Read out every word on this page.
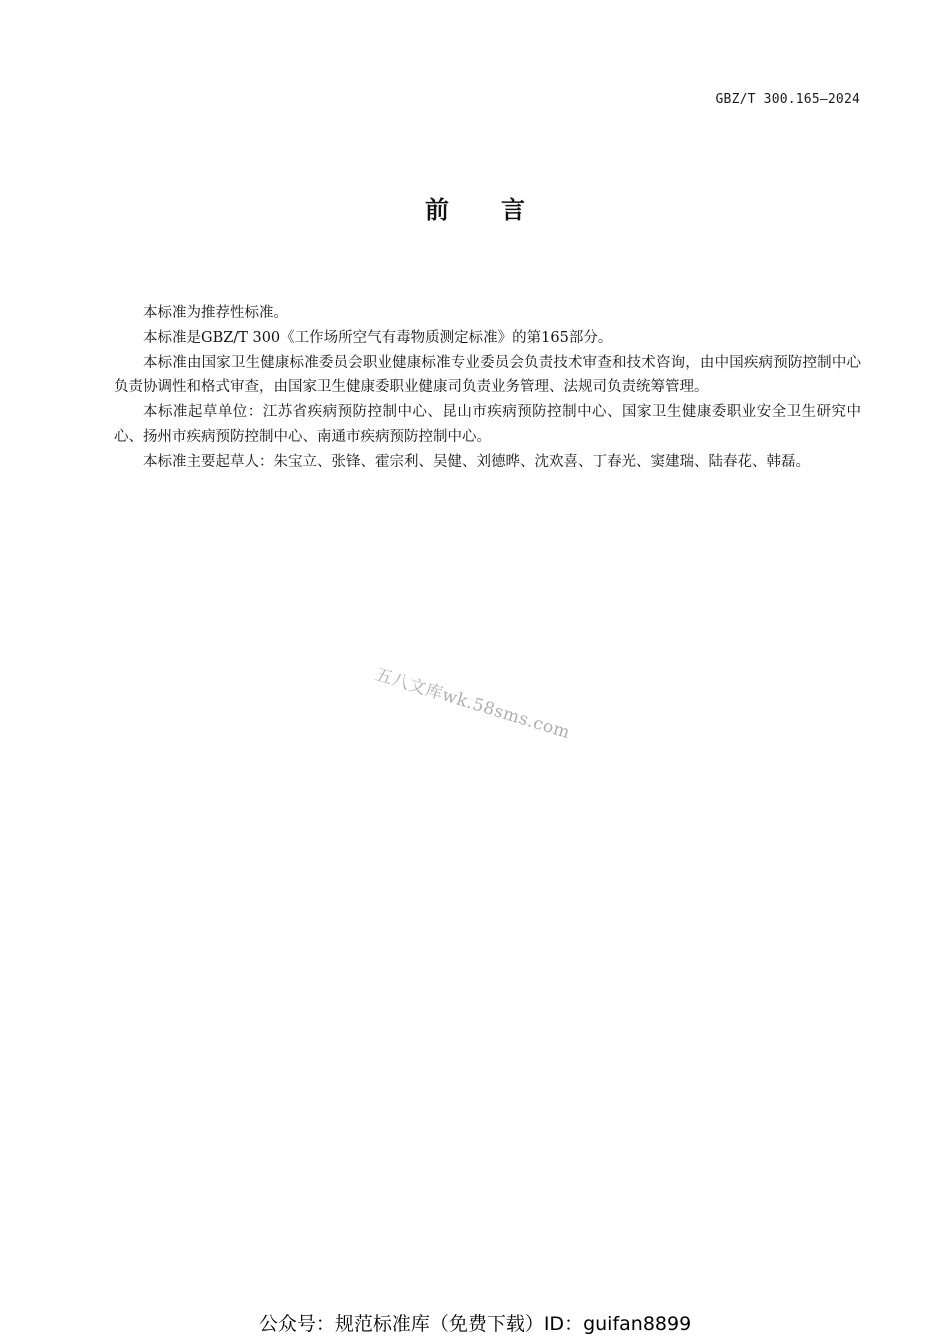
GBZ/T 300.165—2024
前 言

本标准为推荐性标准。

本标准是GBZ/T 300《工作场所空气有毒物质测定标准》的第165部分。

本标准由国家卫生健康标准委员会职业健康标准专业委员会负责技术审查和技术咨询，由中国疾病预防控制中心负责协调性和格式审查，由国家卫生健康委职业健康司负责业务管理、法规司负责统筹管理。

本标准起草单位：江苏省疾病预防控制中心、昆山市疾病预防控制中心、国家卫生健康委职业安全卫生研究中心、扬州市疾病预防控制中心、南通市疾病预防控制中心。

本标准主要起草人：朱宝立、张锋、霍宗利、吴健、刘德晔、沈欢喜、丁春光、窦建瑞、陆春花、韩磊。

五八文库wk.58sms.com
公众号：规范标准库（免费下载）ID：guifan8899
